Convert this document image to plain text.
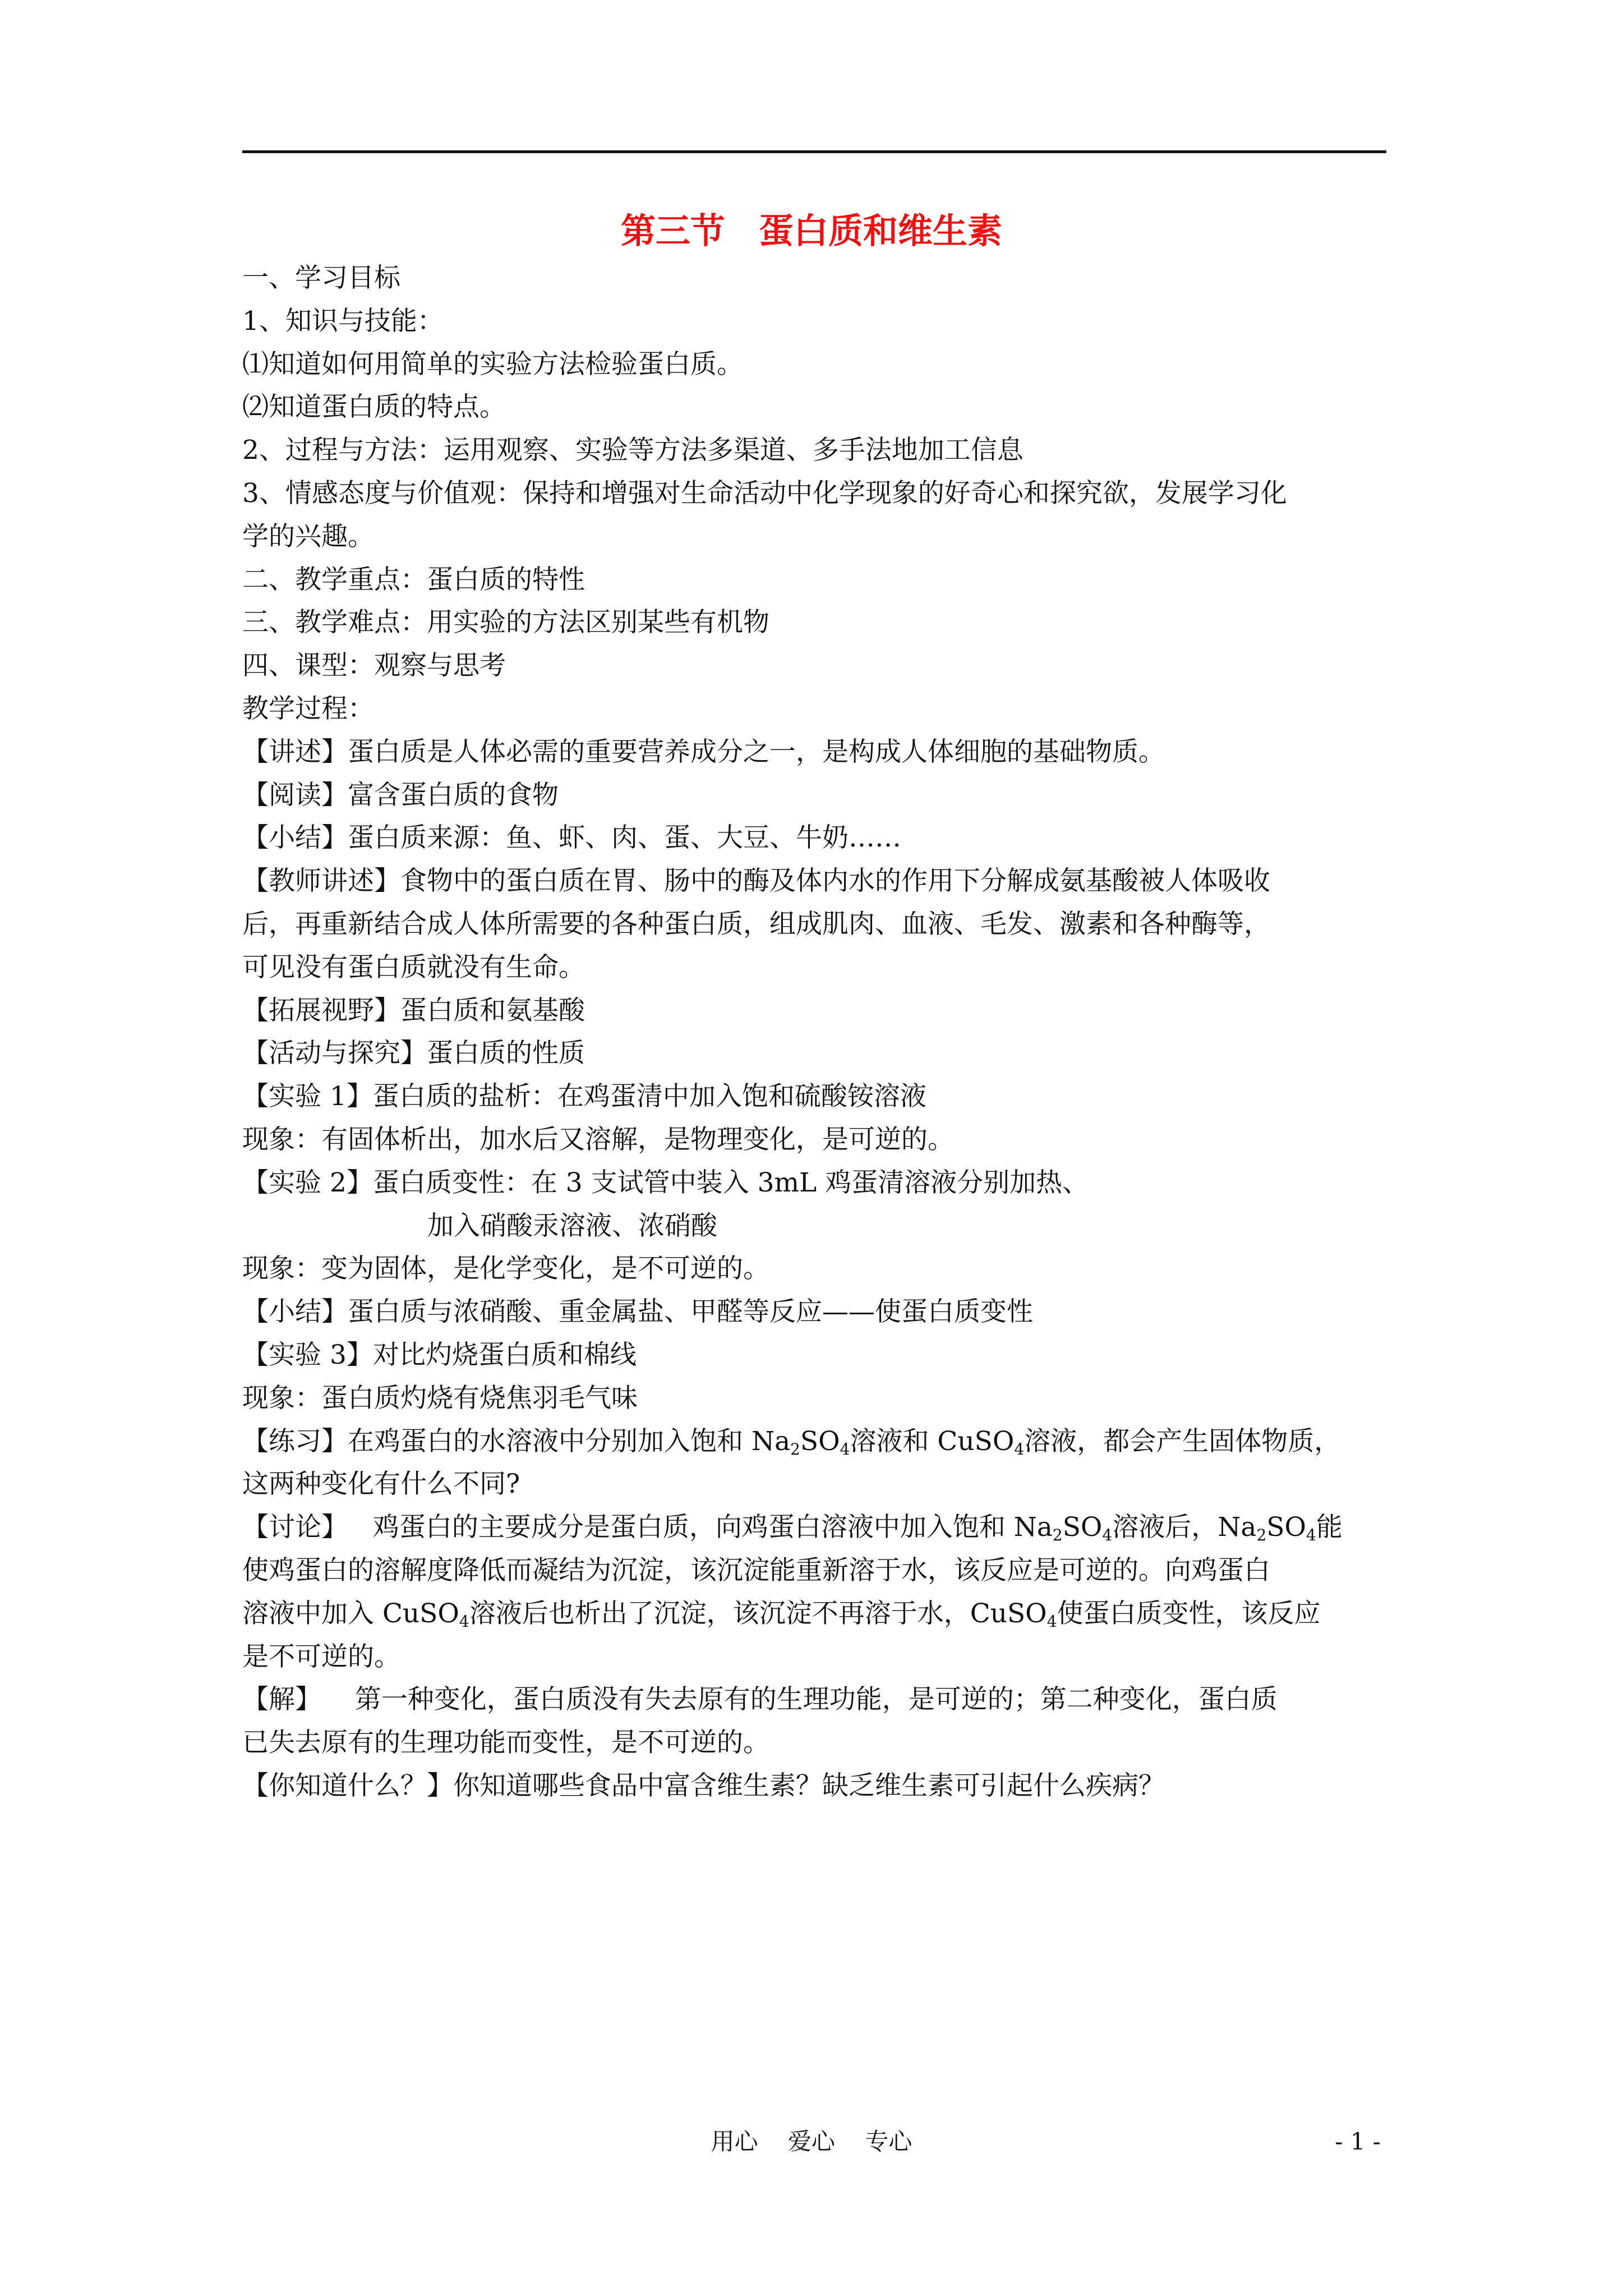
第三节 蛋白质和维生素
一、学习目标
1、知识与技能：
⑴知道如何用简单的实验方法检验蛋白质。
⑵知道蛋白质的特点。
2、过程与方法：运用观察、实验等方法多渠道、多手法地加工信息
3、情感态度与价值观：保持和增强对生命活动中化学现象的好奇心和探究欲，发展学习化
学的兴趣。
二、教学重点：蛋白质的特性
三、教学难点：用实验的方法区别某些有机物
四、课型：观察与思考
教学过程：
【讲述】蛋白质是人体必需的重要营养成分之一，是构成人体细胞的基础物质。
【阅读】富含蛋白质的食物
【小结】蛋白质来源：鱼、虾、肉、蛋、大豆、牛奶……
【教师讲述】食物中的蛋白质在胃、肠中的酶及体内水的作用下分解成氨基酸被人体吸收
后，再重新结合成人体所需要的各种蛋白质，组成肌肉、血液、毛发、激素和各种酶等，
可见没有蛋白质就没有生命。
【拓展视野】蛋白质和氨基酸
【活动与探究】蛋白质的性质
【实验 1】蛋白质的盐析：在鸡蛋清中加入饱和硫酸铵溶液
现象：有固体析出，加水后又溶解，是物理变化，是可逆的。
【实验 2】蛋白质变性：在 3 支试管中装入 3mL 鸡蛋清溶液分别加热、
加入硝酸汞溶液、浓硝酸
现象：变为固体，是化学变化，是不可逆的。
【小结】蛋白质与浓硝酸、重金属盐、甲醛等反应——使蛋白质变性
【实验 3】对比灼烧蛋白质和棉线
现象：蛋白质灼烧有烧焦羽毛气味
【练习】在鸡蛋白的水溶液中分别加入饱和 $Na_2SO_4$溶液和 CuSO$_4$溶液，都会产生固体物质，
这两种变化有什么不同?
【讨论】   鸡蛋白的主要成分是蛋白质，向鸡蛋白溶液中加入饱和 $Na_2SO_4$溶液后，$Na_2SO_4$能
使鸡蛋白的溶解度降低而凝结为沉淀，该沉淀能重新溶于水，该反应是可逆的。向鸡蛋白
溶液中加入 CuSO$_4$溶液后也析出了沉淀，该沉淀不再溶于水，CuSO$_4$使蛋白质变性，该反应
是不可逆的。
【解】    第一种变化，蛋白质没有失去原有的生理功能，是可逆的；第二种变化，蛋白质
已失去原有的生理功能而变性，是不可逆的。
【你知道什么？】你知道哪些食品中富含维生素？缺乏维生素可引起什么疾病？
用心    爱心    专心	- 1 -
